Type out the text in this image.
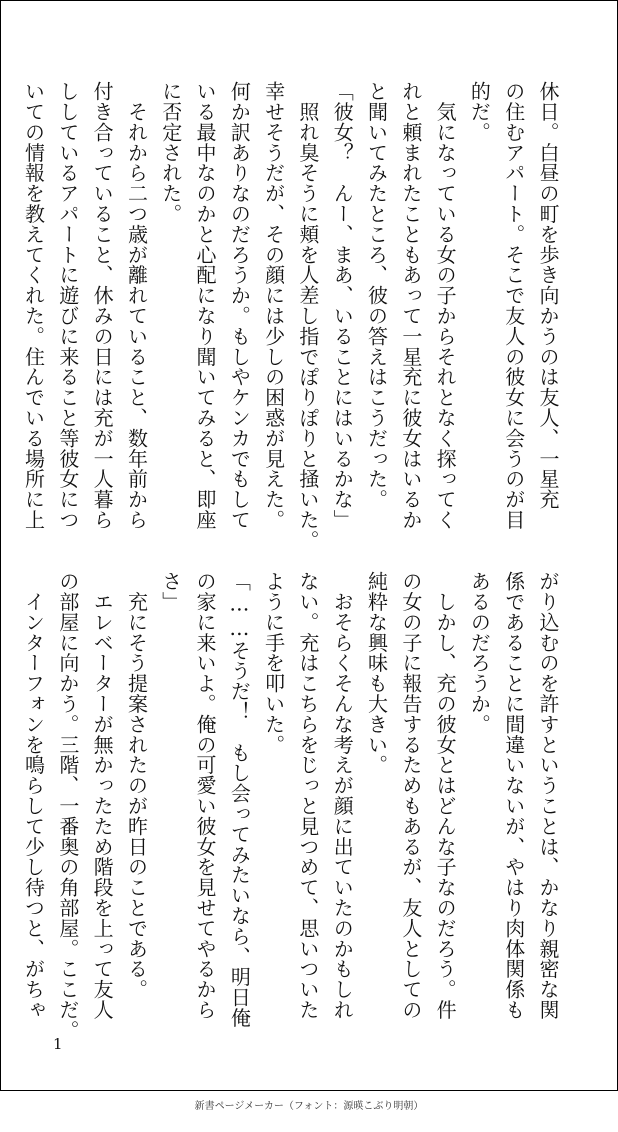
休日。白昼の町を歩き向かうのは友人、一星充

の住むアパート。そこで友人の彼女に会うのが目

的だ。

　気になっている女の子からそれとなく探ってく

れと頼まれたこともあって一星充に彼女はいるか

と聞いてみたところ、彼の答えはこうだった。

「彼女？　んー、まあ、いることにはいるかな」

　照れ臭そうに頬を人差し指でぽりぽりと掻いた。

幸せそうだが、その顔には少しの困惑が見えた。

何か訳ありなのだろうか。もしやケンカでもして

いる最中なのかと心配になり聞いてみると、即座

に否定された。

　それから二つ歳が離れていること、数年前から

付き合っていること、休みの日には充が一人暮ら

ししているアパートに遊びに来ること等彼女につ

いての情報を教えてくれた。住んでいる場所に上

がり込むのを許すということは、かなり親密な関

係であることに間違いないが、やはり肉体関係も

あるのだろうか。

　しかし、充の彼女とはどんな子なのだろう。件

の女の子に報告するためもあるが、友人としての

純粋な興味も大きい。

　おそらくそんな考えが顔に出ていたのかもしれ

ない。充はこちらをじっと見つめて、思いついた

ように手を叩いた。

「……そうだ！　もし会ってみたいなら、明日俺

の家に来いよ。俺の可愛い彼女を見せてやるから

さ」

　充にそう提案されたのが昨日のことである。

　エレベーターが無かったため階段を上って友人

の部屋に向かう。三階、一番奥の角部屋。ここだ。

　インターフォンを鳴らして少し待つと、がちゃ

1
新書ページメーカー（フォント：源暎こぶり明朝）
